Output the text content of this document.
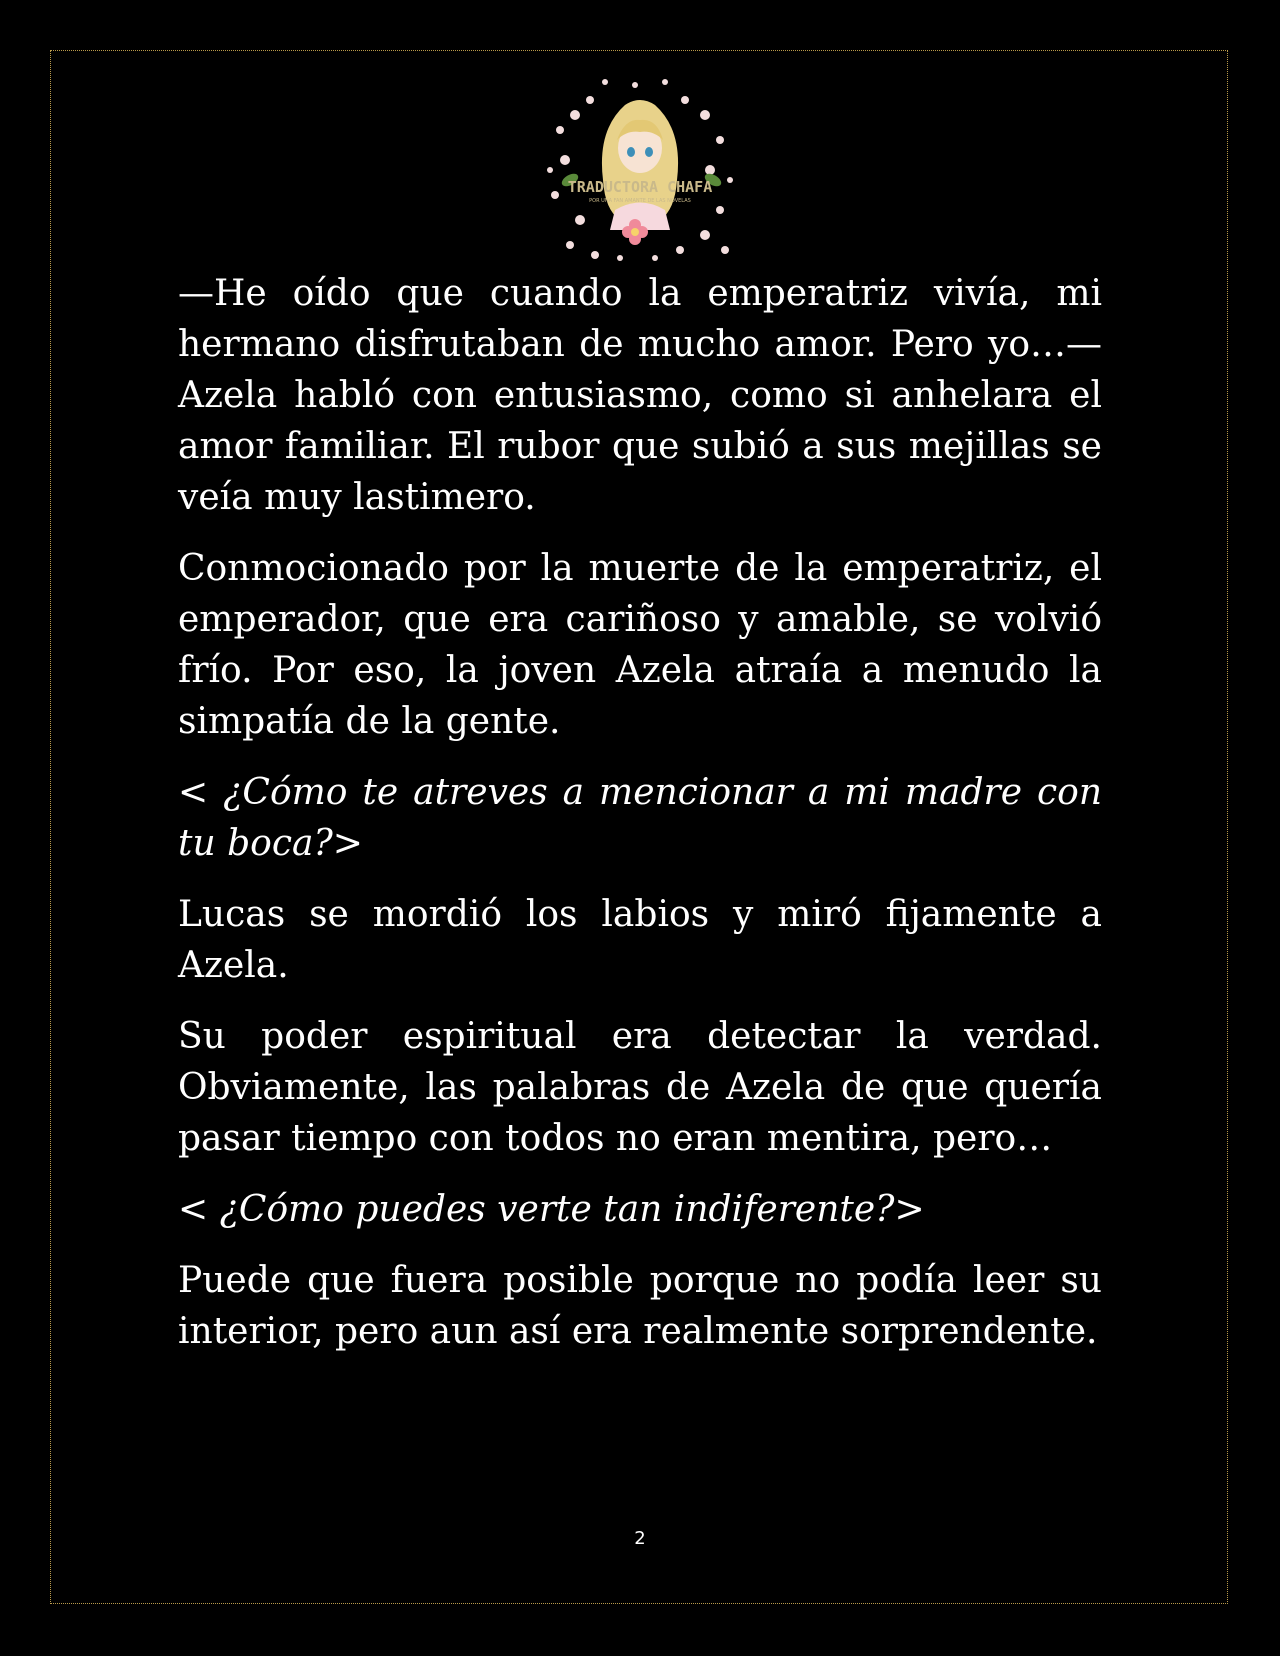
TRADUCTORA CHAFA
POR UNA FAN AMANTE DE LAS NOVELAS

—He oído que cuando la emperatriz vivía, mi hermano disfrutaban de mucho amor. Pero yo…—Azela habló con entusiasmo, como si anhelara el amor familiar. El rubor que subió a sus mejillas se veía muy lastimero.

Conmocionado por la muerte de la emperatriz, el emperador, que era cariñoso y amable, se volvió frío. Por eso, la joven Azela atraía a menudo la simpatía de la gente.

< ¿Cómo te atreves a mencionar a mi madre con tu boca?>

Lucas se mordió los labios y miró fijamente a Azela.

Su poder espiritual era detectar la verdad. Obviamente, las palabras de Azela de que quería pasar tiempo con todos no eran mentira, pero…

< ¿Cómo puedes verte tan indiferente?>

Puede que fuera posible porque no podía leer su interior, pero aun así era realmente sorprendente.

2
